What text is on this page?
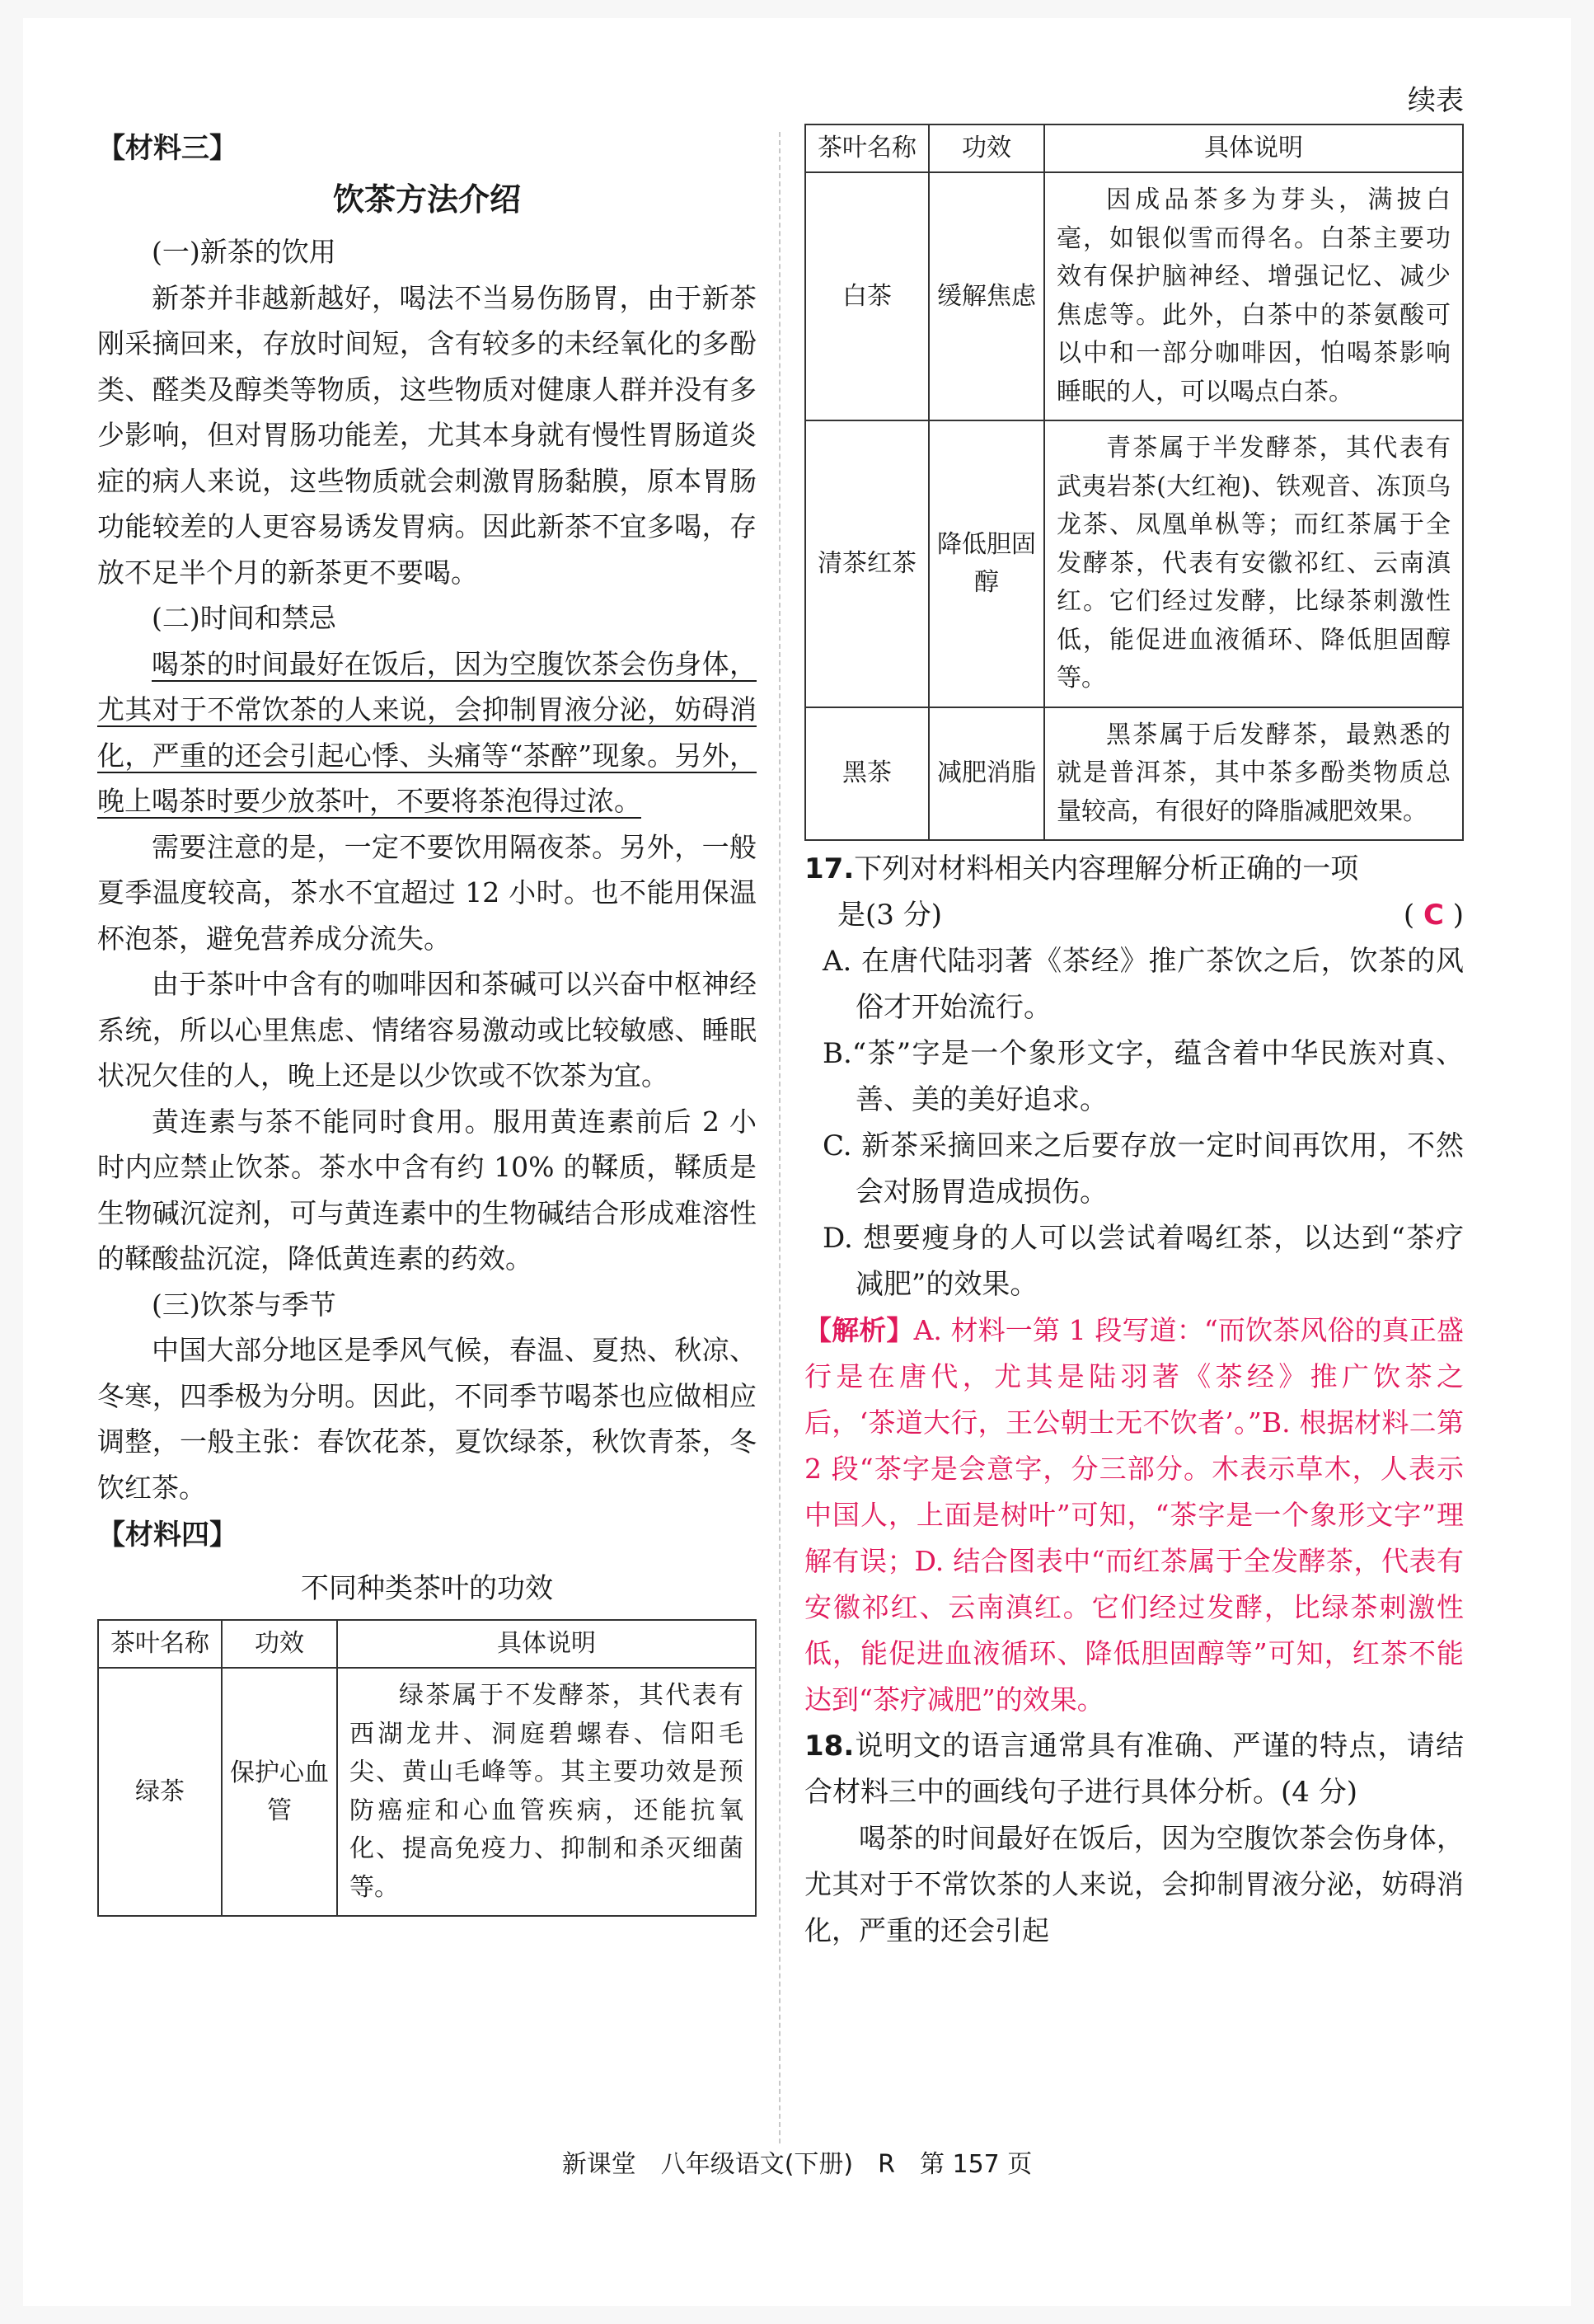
【材料三】
饮茶方法介绍

(一)新茶的饮用

新茶并非越新越好，喝法不当易伤肠胃，由于新茶刚采摘回来，存放时间短，含有较多的未经氧化的多酚类、醛类及醇类等物质，这些物质对健康人群并没有多少影响，但对胃肠功能差，尤其本身就有慢性胃肠道炎症的病人来说，这些物质就会刺激胃肠黏膜，原本胃肠功能较差的人更容易诱发胃病。因此新茶不宜多喝，存放不足半个月的新茶更不要喝。

(二)时间和禁忌

喝茶的时间最好在饭后，因为空腹饮茶会伤身体，尤其对于不常饮茶的人来说，会抑制胃液分泌，妨碍消化，严重的还会引起心悸、头痛等“茶醉”现象。另外，晚上喝茶时要少放茶叶，不要将茶泡得过浓。

需要注意的是，一定不要饮用隔夜茶。另外，一般夏季温度较高，茶水不宜超过 12 小时。也不能用保温杯泡茶，避免营养成分流失。

由于茶叶中含有的咖啡因和茶碱可以兴奋中枢神经系统，所以心里焦虑、情绪容易激动或比较敏感、睡眠状况欠佳的人，晚上还是以少饮或不饮茶为宜。

黄连素与茶不能同时食用。服用黄连素前后 2 小时内应禁止饮茶。茶水中含有约 10% 的鞣质，鞣质是生物碱沉淀剂，可与黄连素中的生物碱结合形成难溶性的鞣酸盐沉淀，降低黄连素的药效。

(三)饮茶与季节

中国大部分地区是季风气候，春温、夏热、秋凉、冬寒，四季极为分明。因此，不同季节喝茶也应做相应调整，一般主张：春饮花茶，夏饮绿茶，秋饮青茶，冬饮红茶。

【材料四】
不同种类茶叶的功效
茶叶名称	功效	具体说明
绿茶	保护心血管	绿茶属于不发酵茶，其代表有西湖龙井、洞庭碧螺春、信阳毛尖、黄山毛峰等。其主要功效是预防癌症和心血管疾病，还能抗氧化、提高免疫力、抑制和杀灭细菌等。
续表
茶叶名称	功效	具体说明
白茶	缓解焦虑	因成品茶多为芽头，满披白毫，如银似雪而得名。白茶主要功效有保护脑神经、增强记忆、减少焦虑等。此外，白茶中的茶氨酸可以中和一部分咖啡因，怕喝茶影响睡眠的人，可以喝点白茶。
清茶红茶	降低胆固醇	青茶属于半发酵茶，其代表有武夷岩茶(大红袍)、铁观音、冻顶乌龙茶、凤凰单枞等；而红茶属于全发酵茶，代表有安徽祁红、云南滇红。它们经过发酵，比绿茶刺激性低，能促进血液循环、降低胆固醇等。
黑茶	减肥消脂	黑茶属于后发酵茶，最熟悉的就是普洱茶，其中茶多酚类物质总量较高，有很好的降脂减肥效果。
17.下列对材料相关内容理解分析正确的一项
是(3 分)	( C )
A. 在唐代陆羽著《茶经》推广茶饮之后，饮茶的风俗才开始流行。
B.“茶”字是一个象形文字，蕴含着中华民族对真、善、美的美好追求。
C. 新茶采摘回来之后要存放一定时间再饮用，不然会对肠胃造成损伤。
D. 想要瘦身的人可以尝试着喝红茶，以达到“茶疗减肥”的效果。
【解析】A. 材料一第 1 段写道：“而饮茶风俗的真正盛行是在唐代，尤其是陆羽著《茶经》推广饮茶之后，‘茶道大行，王公朝士无不饮者’。”B. 根据材料二第 2 段“茶字是会意字，分三部分。木表示草木，人表示中国人，上面是树叶”可知，“茶字是一个象形文字”理解有误；D. 结合图表中“而红茶属于全发酵茶，代表有安徽祁红、云南滇红。它们经过发酵，比绿茶刺激性低，能促进血液循环、降低胆固醇等”可知，红茶不能达到“茶疗减肥”的效果。
18.说明文的语言通常具有准确、严谨的特点，请结合材料三中的画线句子进行具体分析。(4 分)

喝茶的时间最好在饭后，因为空腹饮茶会伤身体，尤其对于不常饮茶的人来说，会抑制胃液分泌，妨碍消化，严重的还会引起

新课堂　八年级语文(下册)　R　第 157 页
